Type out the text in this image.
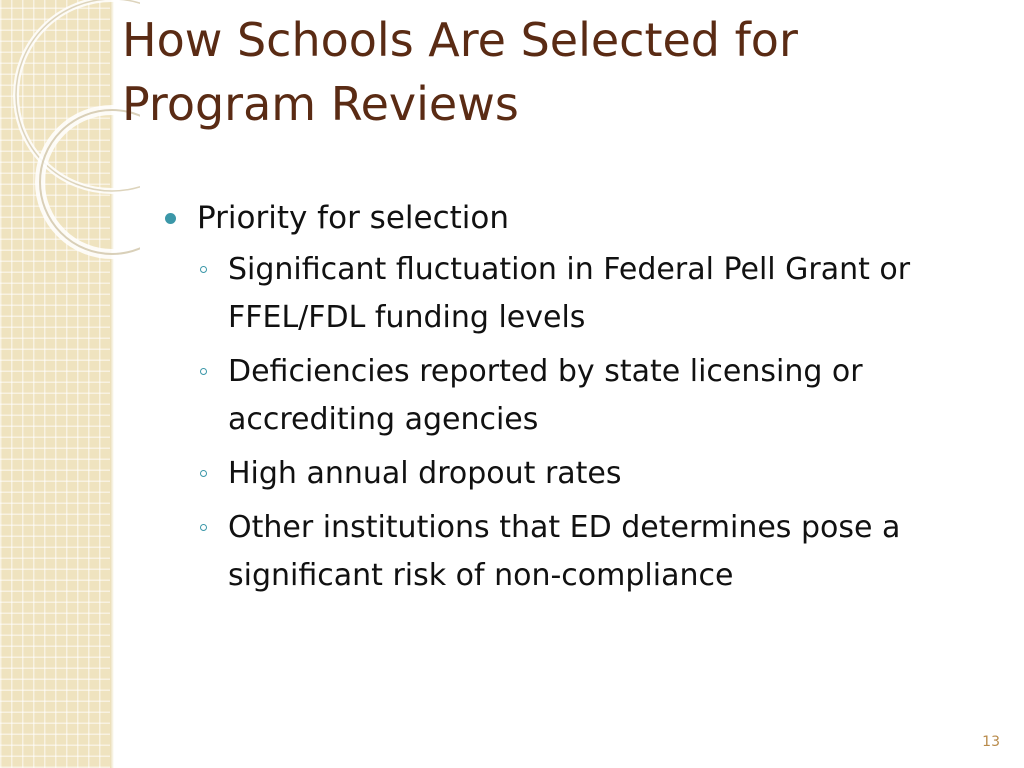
How Schools Are Selected for
Program Reviews
Priority for selection
Significant fluctuation in Federal Pell Grant or FFEL/FDL funding levels
Deficiencies reported by state licensing or accrediting agencies
High annual dropout rates
Other institutions that ED determines pose a significant risk of non-compliance
13
